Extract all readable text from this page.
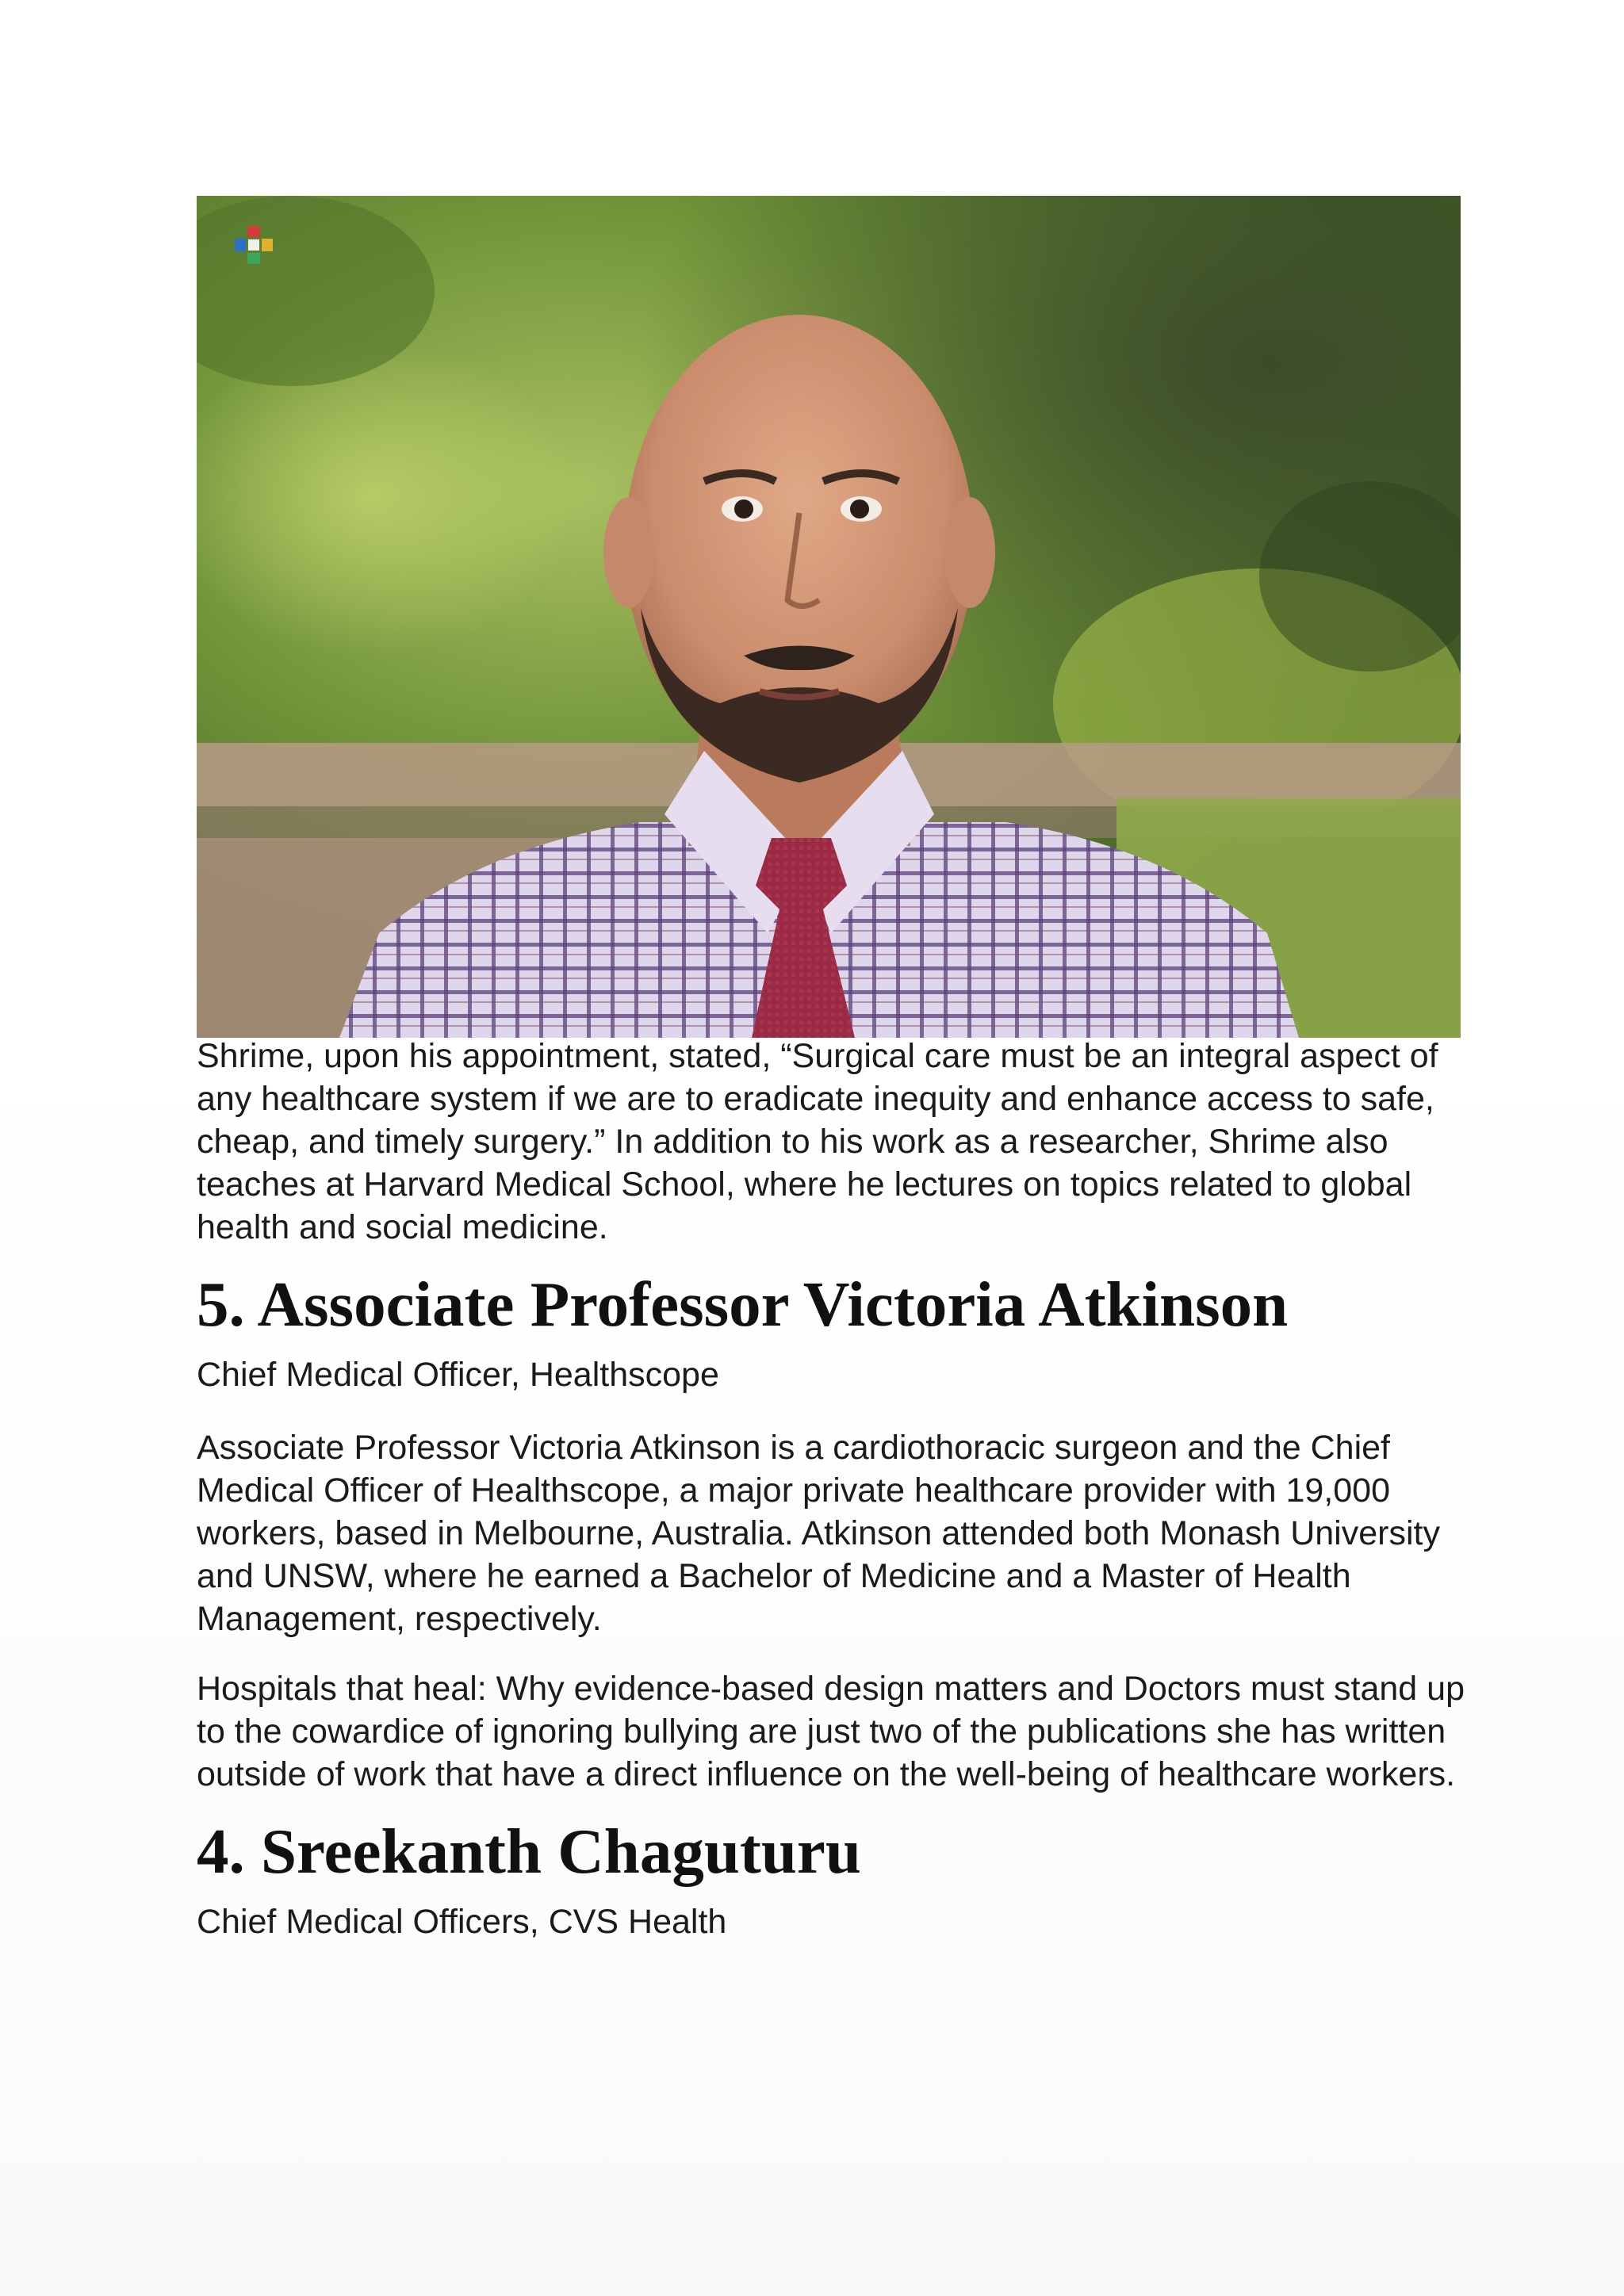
Shrime, upon his appointment, stated, “Surgical care must be an integral aspect of any healthcare system if we are to eradicate inequity and enhance access to safe, cheap, and timely surgery.” In addition to his work as a researcher, Shrime also teaches at Harvard Medical School, where he lectures on topics related to global health and social medicine.

5. Associate Professor Victoria Atkinson

Chief Medical Officer, Healthscope

Associate Professor Victoria Atkinson is a cardiothoracic surgeon and the Chief Medical Officer of Healthscope, a major private healthcare provider with 19,000 workers, based in Melbourne, Australia. Atkinson attended both Monash University and UNSW, where he earned a Bachelor of Medicine and a Master of Health Management, respectively.

Hospitals that heal: Why evidence-based design matters and Doctors must stand up to the cowardice of ignoring bullying are just two of the publications she has written outside of work that have a direct influence on the well-being of healthcare workers.

4. Sreekanth Chaguturu

Chief Medical Officers, CVS Health
